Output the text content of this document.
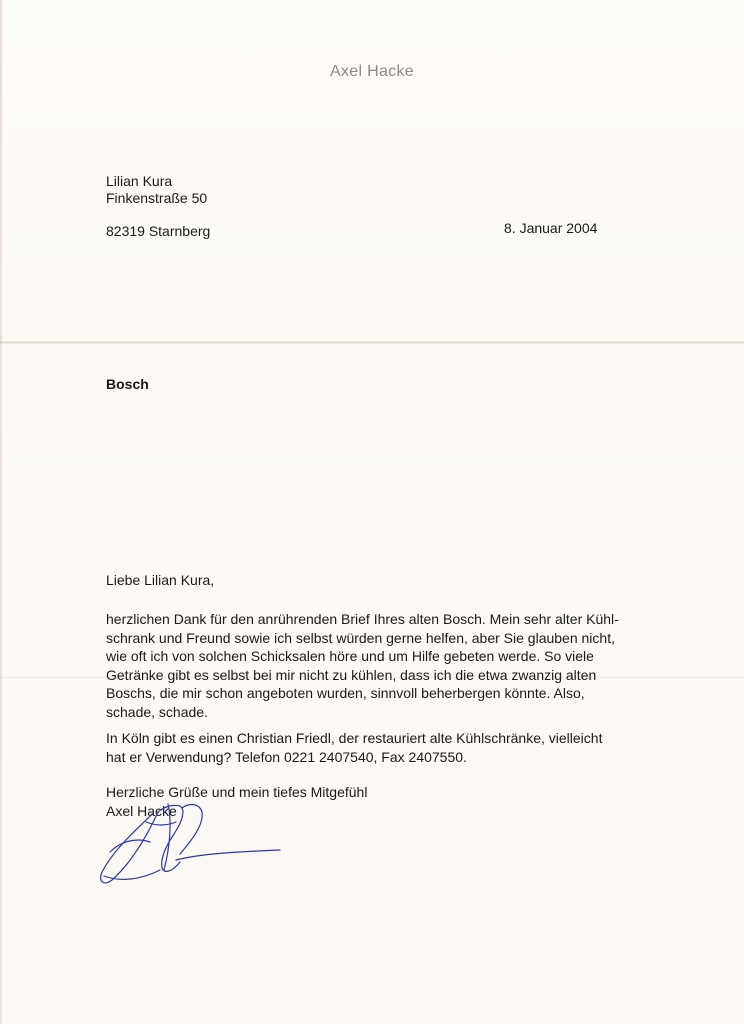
Axel Hacke
Lilian Kura
Finkenstraße 50
82319 Starnberg	8. Januar 2004
Bosch
Liebe Lilian Kura,
herzlichen Dank für den anrührenden Brief Ihres alten Bosch. Mein sehr alter Kühl-
schrank und Freund sowie ich selbst würden gerne helfen, aber Sie glauben nicht,
wie oft ich von solchen Schicksalen höre und um Hilfe gebeten werde. So viele
Getränke gibt es selbst bei mir nicht zu kühlen, dass ich die etwa zwanzig alten
Boschs, die mir schon angeboten wurden, sinnvoll beherbergen könnte. Also,
schade, schade.
In Köln gibt es einen Christian Friedl, der restauriert alte Kühlschränke, vielleicht
hat er Verwendung? Telefon 0221 2407540, Fax 2407550.
Herzliche Grüße und mein tiefes Mitgefühl
Axel Hacke
